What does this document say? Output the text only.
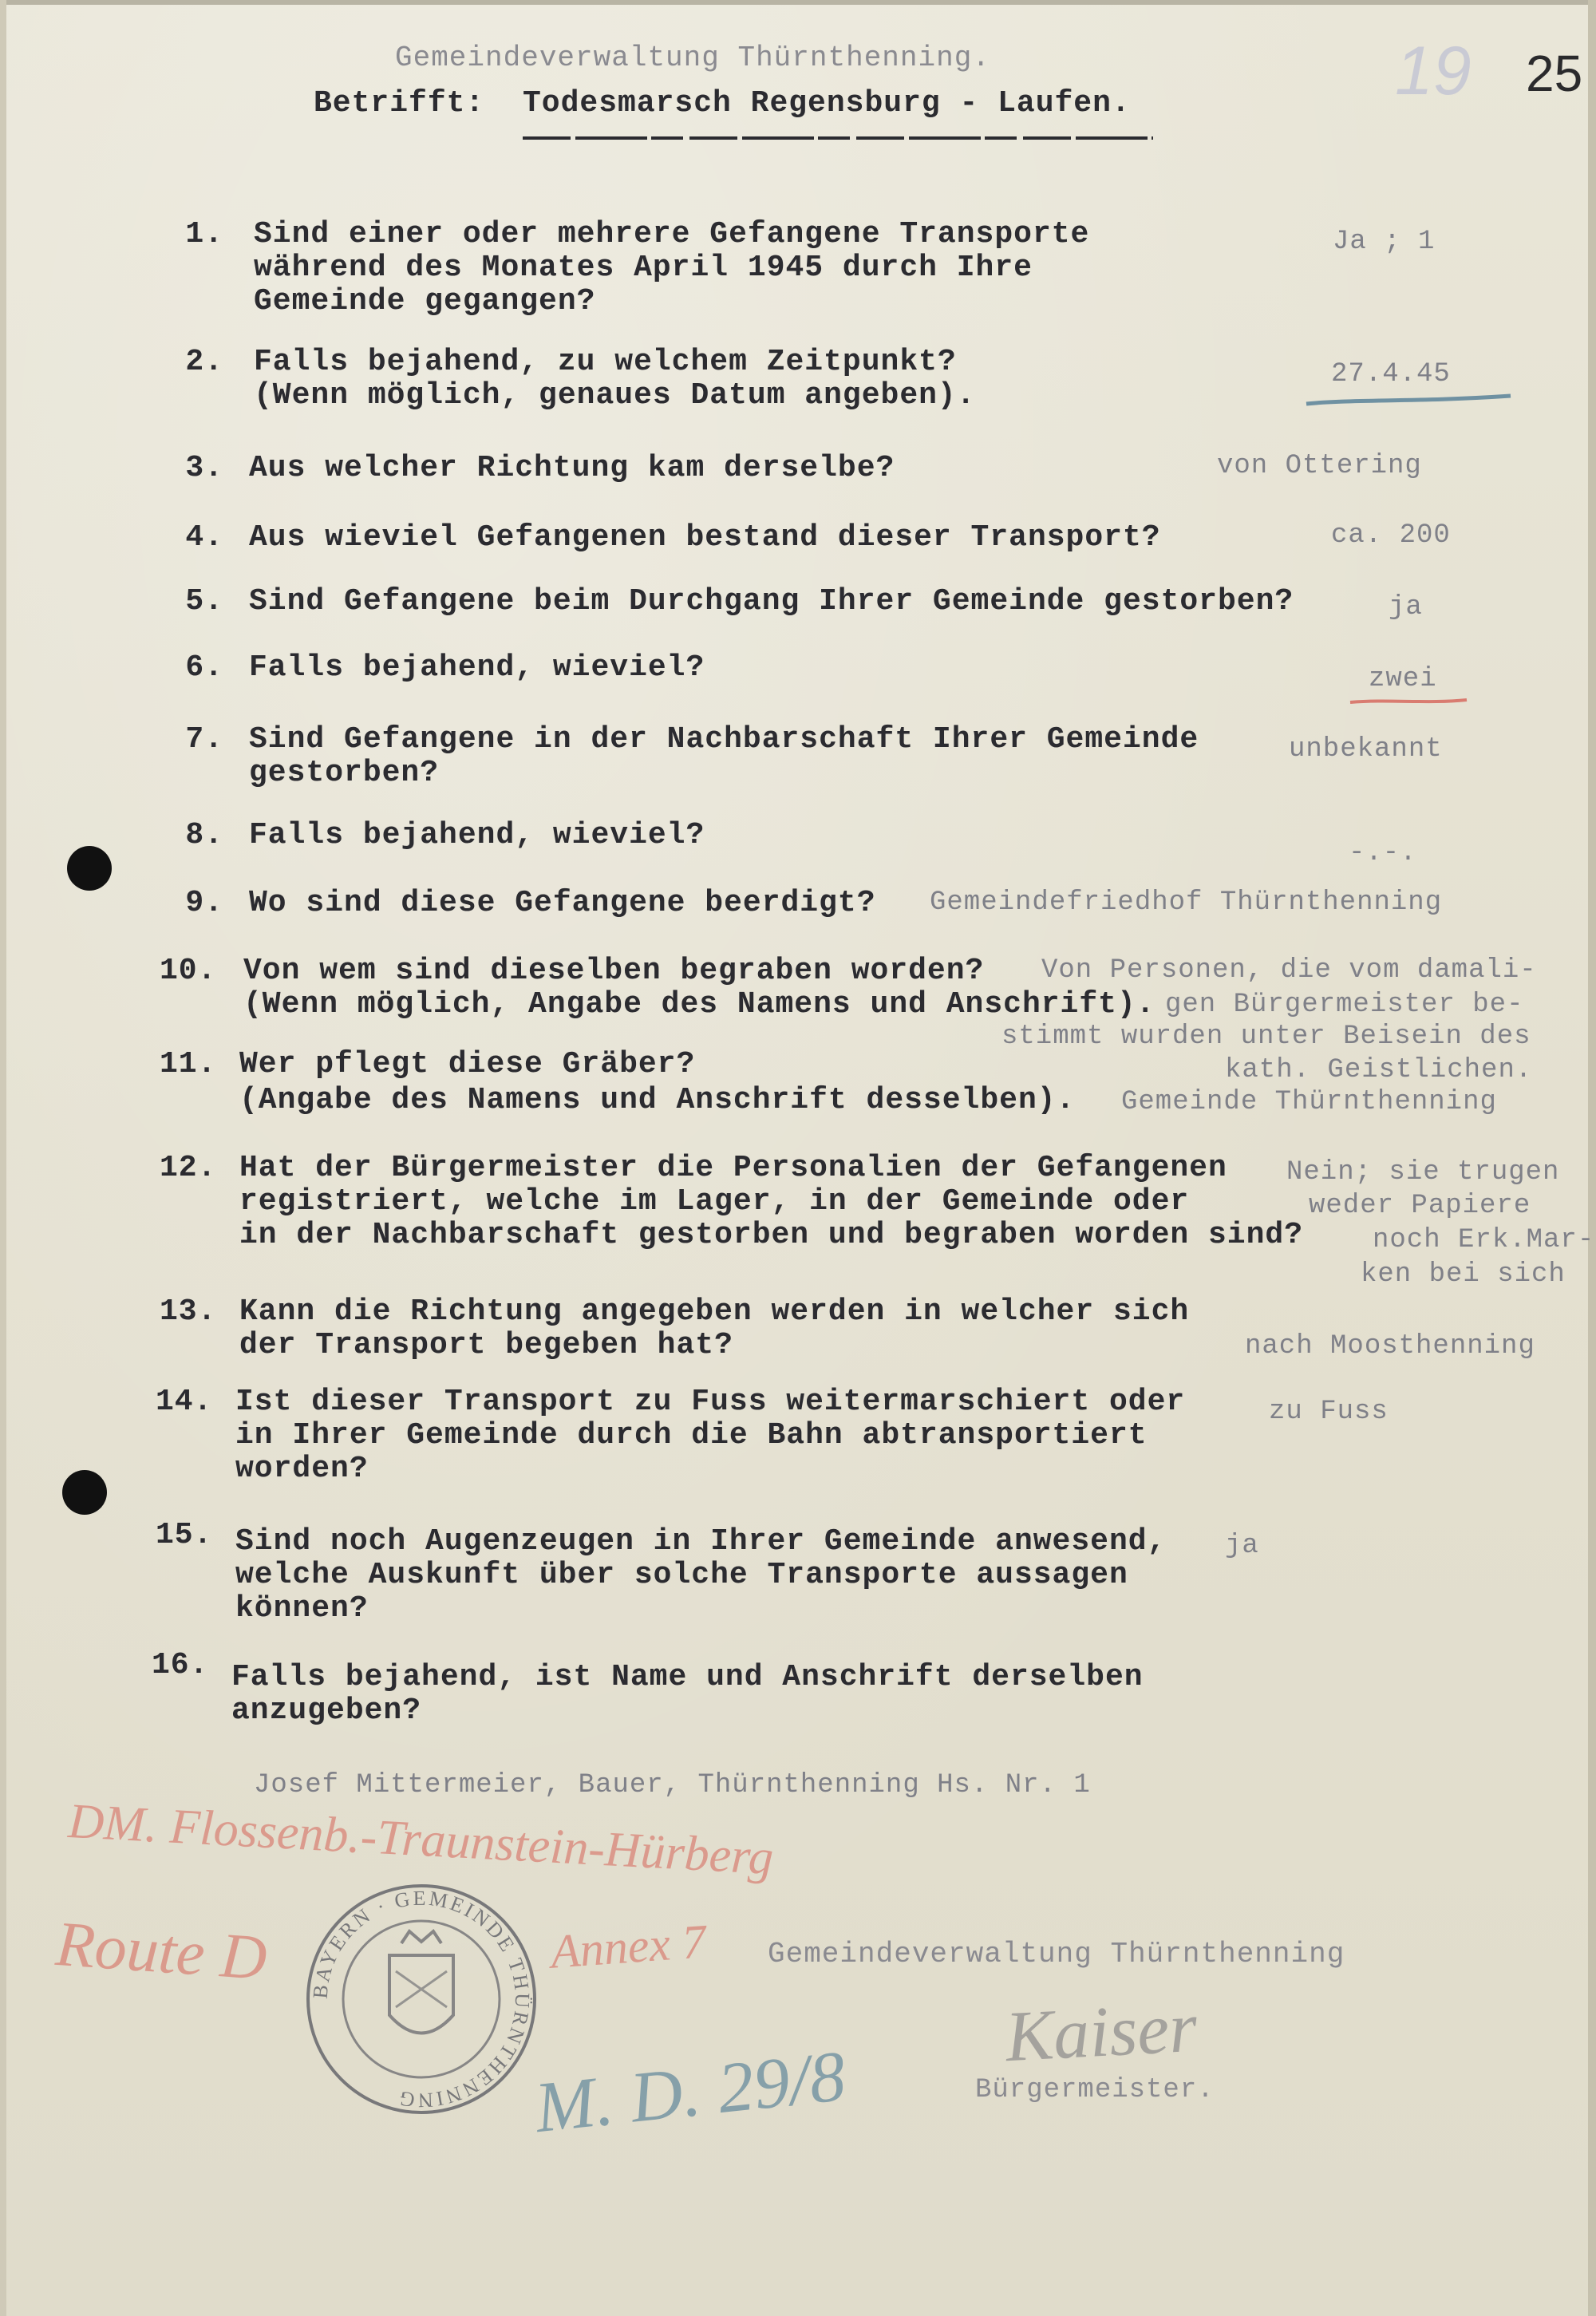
Gemeindeverwaltung Thürnthenning.
Betrifft: Todesmarsch Regensburg - Laufen.	19 25
1. Sind einer oder mehrere Gefangene Transporte
während des Monates April 1945 durch Ihre
Gemeinde gegangen?
Ja ; 1
2. Falls bejahend, zu welchem Zeitpunkt?
(Wenn möglich, genaues Datum angeben).
27.4.45
3. Aus welcher Richtung kam derselbe?	von Ottering
4. Aus wieviel Gefangenen bestand dieser Transport?	ca. 200
5. Sind Gefangene beim Durchgang Ihrer Gemeinde gestorben?	ja
6. Falls bejahend, wieviel?	zwei
7. Sind Gefangene in der Nachbarschaft Ihrer Gemeinde
gestorben?
unbekannt
8. Falls bejahend, wieviel?
-.-.
9. Wo sind diese Gefangene beerdigt? Gemeindefriedhof Thürnthenning
10. Von wem sind dieselben begraben worden?
(Wenn möglich, Angabe des Namens und Anschrift).
Von Personen, die vom damali-
gen Bürgermeister be-
stimmt wurden unter Beisein des
kath. Geistlichen.
11. Wer pflegt diese Gräber?
(Angabe des Namens und Anschrift desselben). Gemeinde Thürnthenning
12. Hat der Bürgermeister die Personalien der Gefangenen
registriert, welche im Lager, in der Gemeinde oder
in der Nachbarschaft gestorben und begraben worden sind?
Nein; sie trugen
weder Papiere
noch Erk.Mar-
ken bei sich
13. Kann die Richtung angegeben werden in welcher sich
der Transport begeben hat?	nach Moosthenning
14. Ist dieser Transport zu Fuss weitermarschiert oder
in Ihrer Gemeinde durch die Bahn abtransportiert
worden?
zu Fuss
15. Sind noch Augenzeugen in Ihrer Gemeinde anwesend,
welche Auskunft über solche Transporte aussagen
können?
ja
16. Falls bejahend, ist Name und Anschrift derselben
anzugeben?
Josef Mittermeier, Bauer, Thürnthenning Hs. Nr. 1
DM. Flossenb.-Traunstein-Hürberg
Route D	Annex 7
BAYERN · GEMEINDE THÜRNTHENNING	M. D. 29/8
Gemeindeverwaltung Thürnthenning
Kaiser
Bürgermeister.
